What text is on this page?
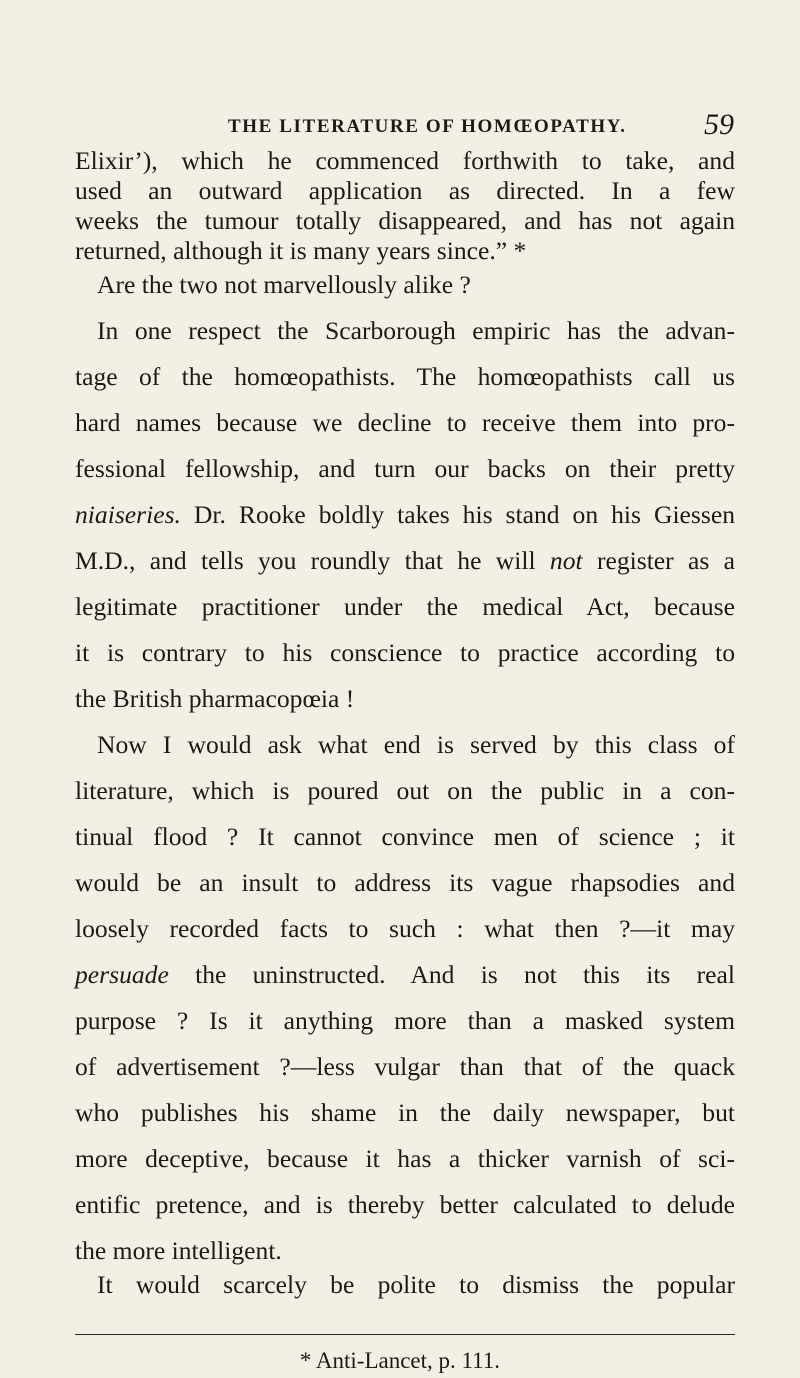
THE LITERATURE OF HOMŒOPATHY.	59
Elixir’), which he commenced forthwith to take, and
used an outward application as directed. In a few
weeks the tumour totally disappeared, and has not again
returned, although it is many years since.” *
Are the two not marvellously alike ?
In one respect the Scarborough empiric has the advan-
tage of the homœopathists. The homœopathists call us
hard names because we decline to receive them into pro-
fessional fellowship, and turn our backs on their pretty
niaiseries. Dr. Rooke boldly takes his stand on his Giessen
M.D., and tells you roundly that he will not register as a
legitimate practitioner under the medical Act, because
it is contrary to his conscience to practice according to
the British pharmacopœia !
Now I would ask what end is served by this class of
literature, which is poured out on the public in a con-
tinual flood ? It cannot convince men of science ; it
would be an insult to address its vague rhapsodies and
loosely recorded facts to such : what then ?—it may
persuade the uninstructed. And is not this its real
purpose ? Is it anything more than a masked system
of advertisement ?—less vulgar than that of the quack
who publishes his shame in the daily newspaper, but
more deceptive, because it has a thicker varnish of sci-
entific pretence, and is thereby better calculated to delude
the more intelligent.
It would scarcely be polite to dismiss the popular
* Anti-Lancet, p. 111.
